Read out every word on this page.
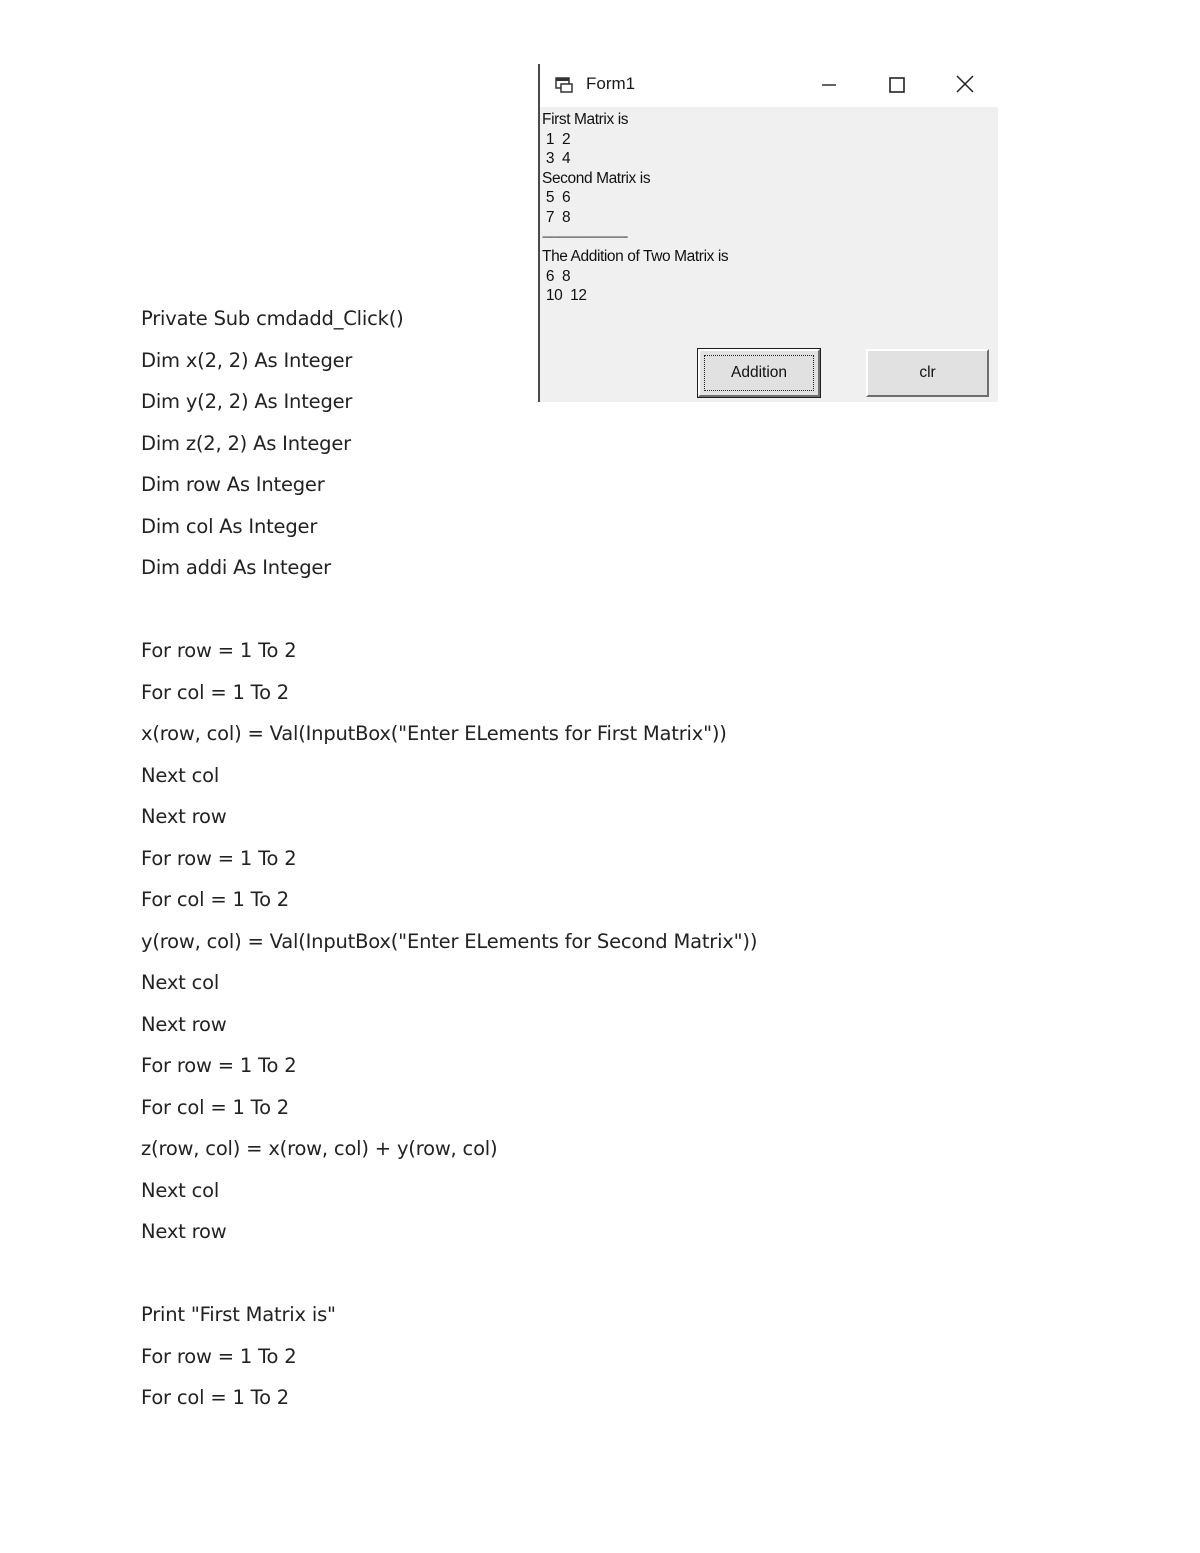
Form1
First Matrix is
1  2
3  4
Second Matrix is
5  6
7  8
--------------------------------
The Addition of Two Matrix is
6  8
10  12
Addition	clr
Private Sub cmdadd_Click()
Dim x(2, 2) As Integer
Dim y(2, 2) As Integer
Dim z(2, 2) As Integer
Dim row As Integer
Dim col As Integer
Dim addi As Integer
For row = 1 To 2
For col = 1 To 2
x(row, col) = Val(InputBox("Enter ELements for First Matrix"))
Next col
Next row
For row = 1 To 2
For col = 1 To 2
y(row, col) = Val(InputBox("Enter ELements for Second Matrix"))
Next col
Next row
For row = 1 To 2
For col = 1 To 2
z(row, col) = x(row, col) + y(row, col)
Next col
Next row
Print "First Matrix is"
For row = 1 To 2
For col = 1 To 2
